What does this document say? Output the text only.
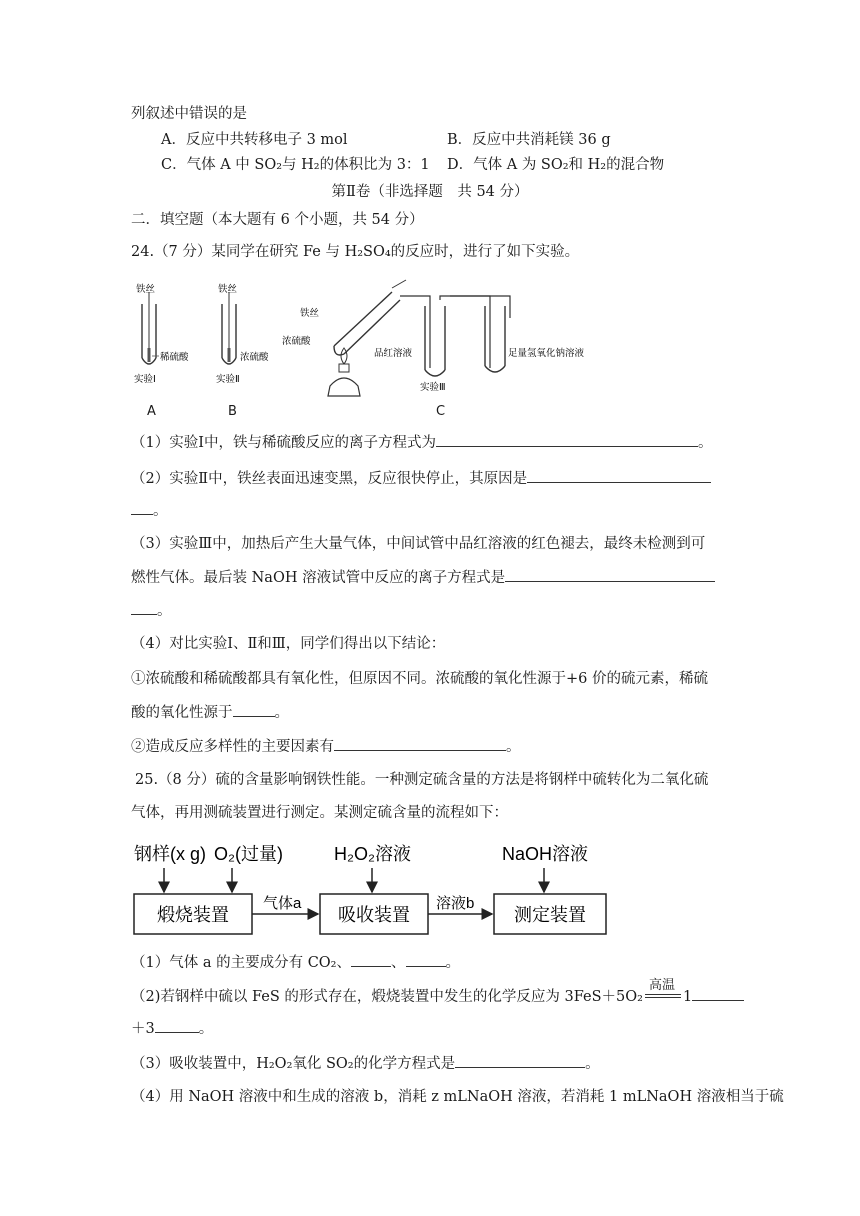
列叙述中错误的是
A．反应中共转移电子 3 mol	B．反应中共消耗镁 36 g
C．气体 A 中 SO₂与 H₂的体积比为 3：1 D．气体 A 为 SO₂和 H₂的混合物
第Ⅱ卷（非选择题　共 54 分）
二．填空题（本大题有 6 个小题，共 54 分）
24.（7 分）某同学在研究 Fe 与 H₂SO₄的反应时，进行了如下实验。
铁丝
稀硫酸
实验Ⅰ
铁丝
浓硫酸
实验Ⅱ
铁丝
浓硫酸
品红溶液	足量氢氧化钠溶液
实验Ⅲ
A	B	C
（1）实验Ⅰ中，铁与稀硫酸反应的离子方程式为	。
（2）实验Ⅱ中，铁丝表面迅速变黑，反应很快停止，其原因是
。
（3）实验Ⅲ中，加热后产生大量气体，中间试管中品红溶液的红色褪去，最终未检测到可
燃性气体。最后装 NaOH 溶液试管中反应的离子方程式是
。
（4）对比实验Ⅰ、Ⅱ和Ⅲ，同学们得出以下结论：
①浓硫酸和稀硫酸都具有氧化性，但原因不同。浓硫酸的氧化性源于+6 价的硫元素，稀硫
酸的氧化性源于	。
②造成反应多样性的主要因素有	。
25.（8 分）硫的含量影响钢铁性能。一种测定硫含量的方法是将钢样中硫转化为二氧化硫
气体，再用测硫装置进行测定。某测定硫含量的流程如下：
钢样(x g) O₂(过量)	H₂O₂溶液	NaOH溶液
煅烧装置	吸收装置	测定装置
气体a	溶液b
（1）气体 a 的主要成分有 CO₂、	、	。
（2)若钢样中硫以 FeS 的形式存在，煅烧装置中发生的化学反应为 3FeS＋5O₂
高温
1
＋3	。
（3）吸收装置中，H₂O₂氧化 SO₂的化学方程式是	。
（4）用 NaOH 溶液中和生成的溶液 b，消耗 z mLNaOH 溶液，若消耗 1 mLNaOH 溶液相当于硫
